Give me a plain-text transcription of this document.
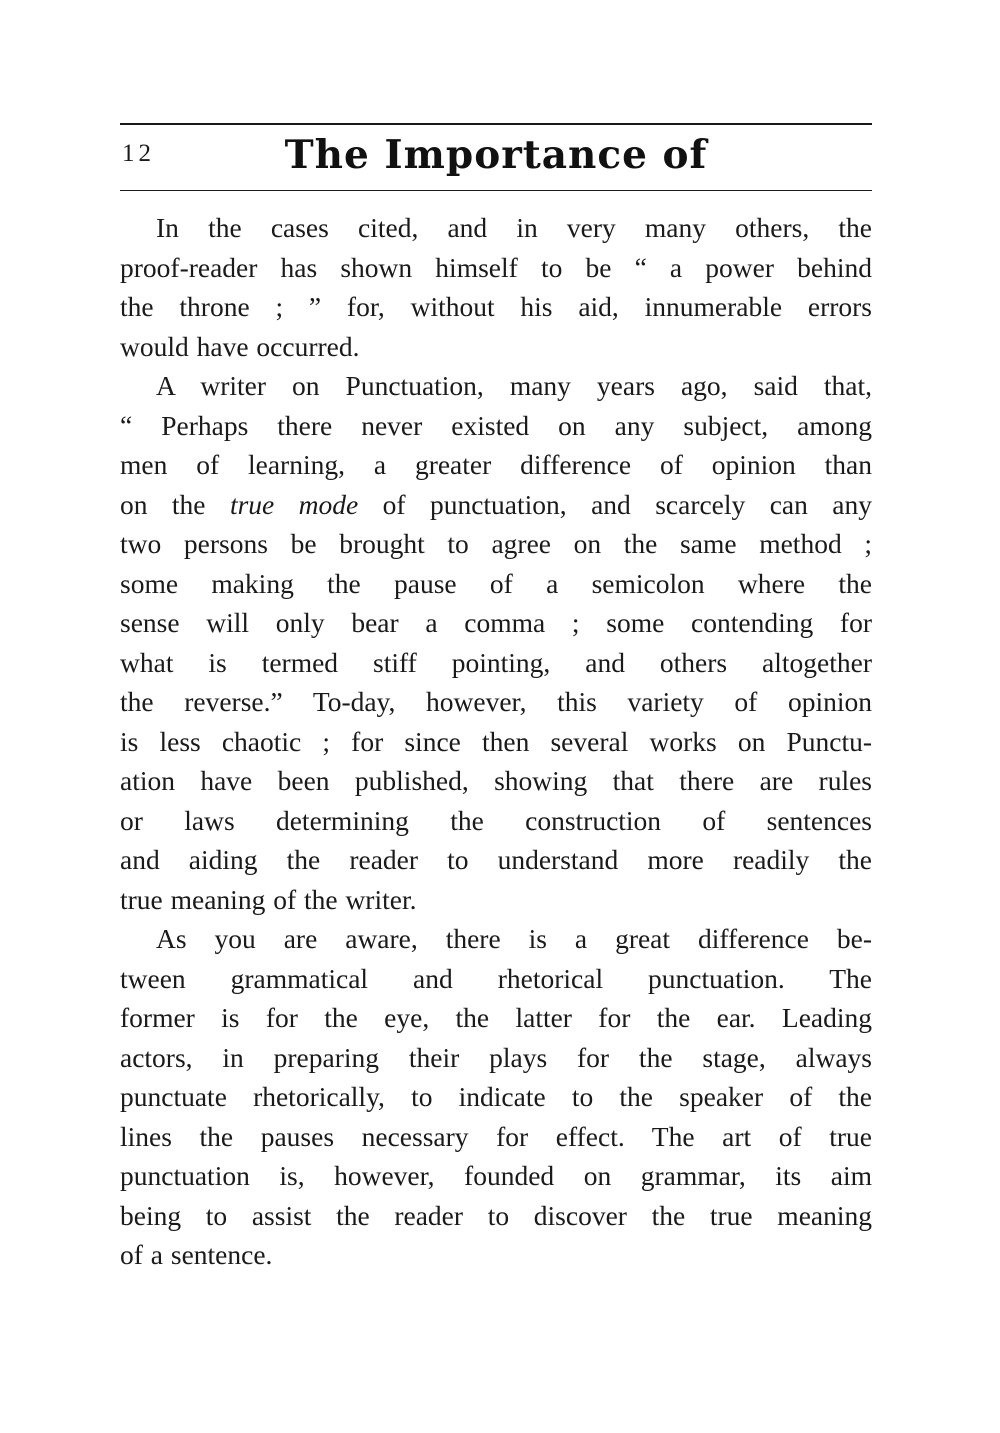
12	The Importance of
In the cases cited, and in very many others, the
proof-reader has shown himself to be “ a power behind
the throne ; ” for, without his aid, innumerable errors
would have occurred.
A writer on Punctuation, many years ago, said that,
“ Perhaps there never existed on any subject, among
men of learning, a greater difference of opinion than
on the true mode of punctuation, and scarcely can any
two persons be brought to agree on the same method ;
some making the pause of a semicolon where the
sense will only bear a comma ; some contending for
what is termed stiff pointing, and others altogether
the reverse.” To-day, however, this variety of opinion
is less chaotic ; for since then several works on Punctu-
ation have been published, showing that there are rules
or laws determining the construction of sentences
and aiding the reader to understand more readily the
true meaning of the writer.
As you are aware, there is a great difference be-
tween grammatical and rhetorical punctuation. The
former is for the eye, the latter for the ear. Leading
actors, in preparing their plays for the stage, always
punctuate rhetorically, to indicate to the speaker of the
lines the pauses necessary for effect. The art of true
punctuation is, however, founded on grammar, its aim
being to assist the reader to discover the true meaning
of a sentence.
